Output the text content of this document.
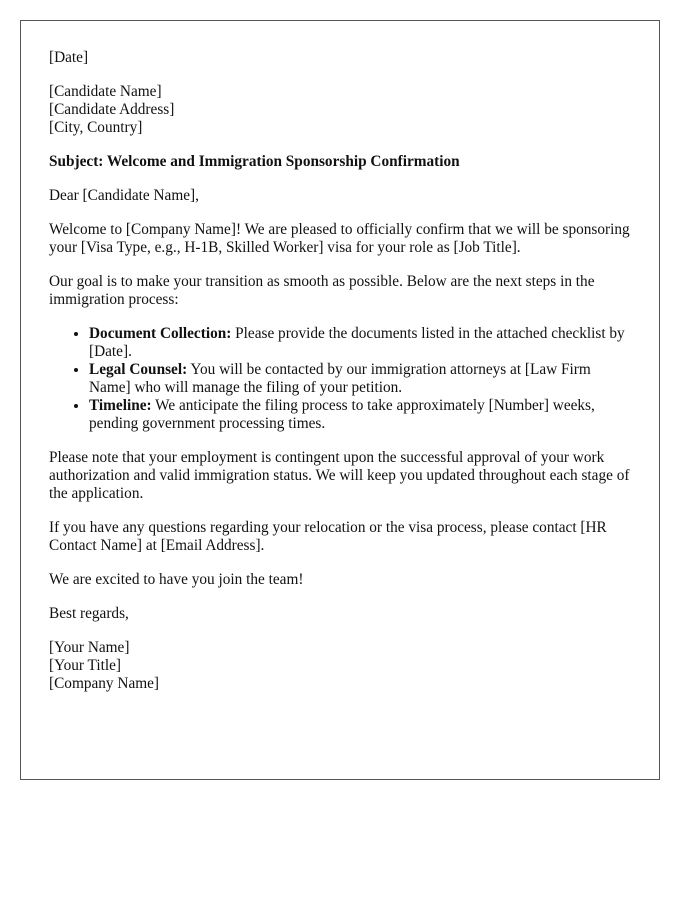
[Date]
[Candidate Name]
[Candidate Address]
[City, Country]

Subject: Welcome and Immigration Sponsorship Confirmation

Dear [Candidate Name],

Welcome to [Company Name]! We are pleased to officially confirm that we will be sponsoring your [Visa Type, e.g., H-1B, Skilled Worker] visa for your role as [Job Title].

Our goal is to make your transition as smooth as possible. Below are the next steps in the immigration process:

• Document Collection: Please provide the documents listed in the attached checklist by [Date].
• Legal Counsel: You will be contacted by our immigration attorneys at [Law Firm Name] who will manage the filing of your petition.
• Timeline: We anticipate the filing process to take approximately [Number] weeks, pending government processing times.

Please note that your employment is contingent upon the successful approval of your work authorization and valid immigration status. We will keep you updated throughout each stage of the application.

If you have any questions regarding your relocation or the visa process, please contact [HR Contact Name] at [Email Address].

We are excited to have you join the team!

Best regards,

[Your Name]
[Your Title]
[Company Name]
